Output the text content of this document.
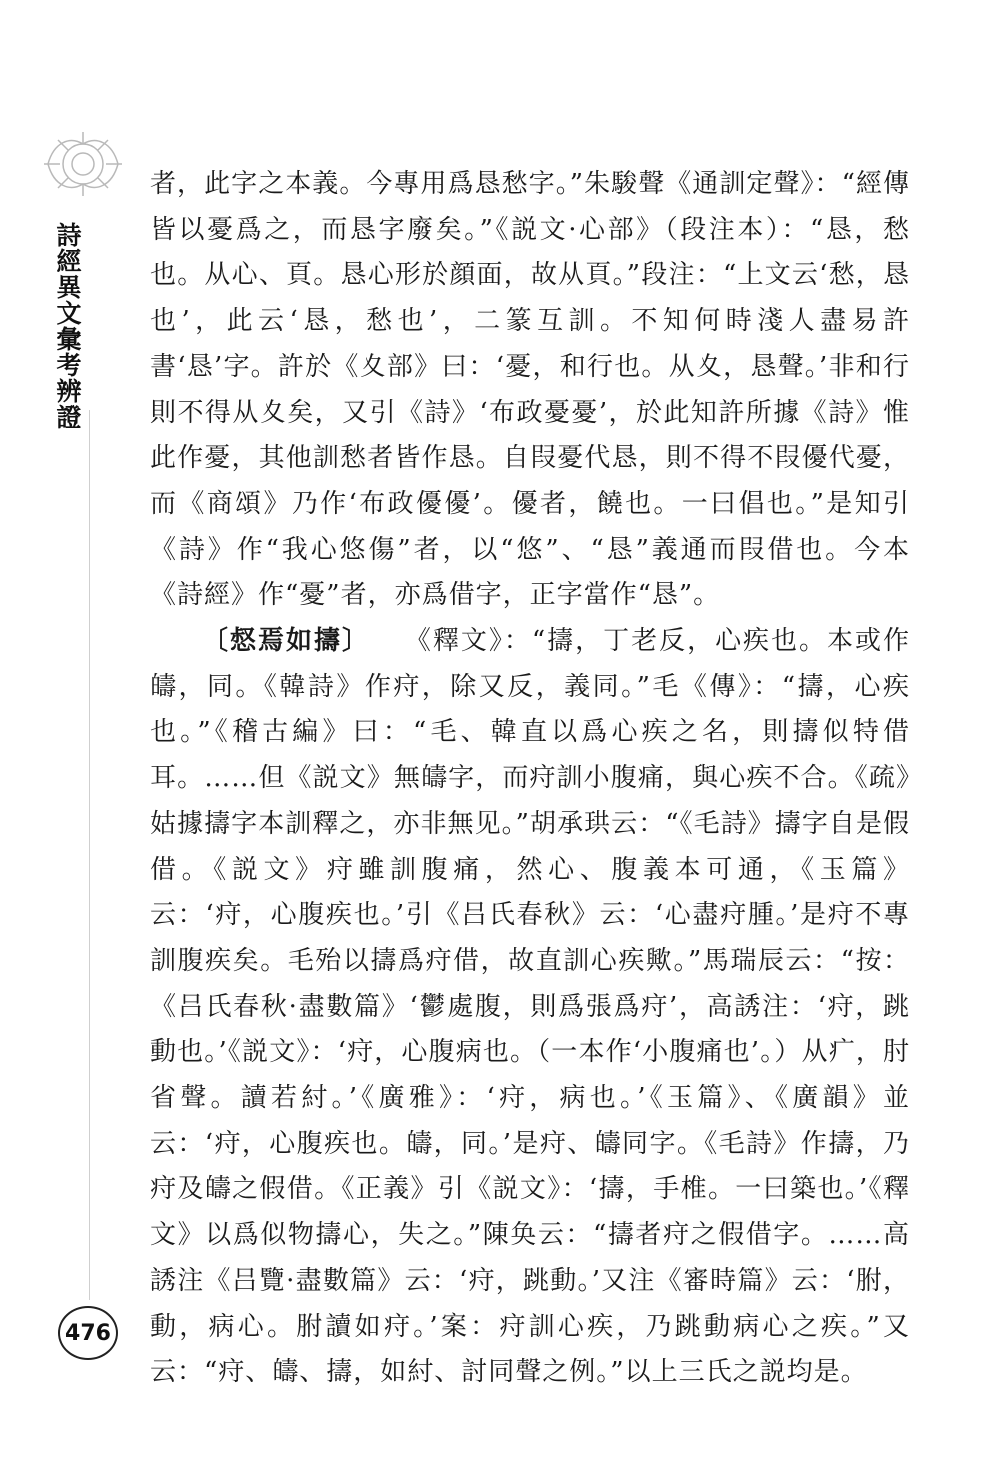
詩經異文彙考辨證
476

者，此字之本義。今專用爲恳愁字。”朱駿聲《通訓定聲》：“經傳皆以憂爲之，而恳字廢矣。”《説文·心部》（段注本）：“恳，愁也。从心、頁。恳心形於顔面，故从頁。”段注：“上文云‘愁，恳也’，此云‘恳，愁也’，二篆互訓。不知何時淺人盡易許書‘恳’字。許於《夊部》曰：‘憂，和行也。从夊，恳聲。’非和行則不得从夊矣，又引《詩》‘布政憂憂’，於此知許所據《詩》惟此作憂，其他訓愁者皆作恳。自叚憂代恳，則不得不叚優代憂，而《商頌》乃作‘布政優優’。優者，饒也。一曰倡也。”是知引《詩》作“我心悠傷”者，以“悠”、“恳”義通而叚借也。今本《詩經》作“憂”者，亦爲借字，正字當作“恳”。

〔惄焉如擣〕 《釋文》：“擣，丁老反，心疾也。本或作㿧，同。《韓詩》作疛，除又反，義同。”毛《傳》：“擣，心疾也。”《稽古編》曰：“毛、韓直以爲心疾之名，則擣似特借耳。……但《説文》無㿧字，而疛訓小腹痛，與心疾不合。《疏》姑據擣字本訓釋之，亦非無见。”胡承珙云：“《毛詩》擣字自是假借。《説文》疛雖訓腹痛，然心、腹義本可通，《玉篇》云：‘疛，心腹疾也。’引《吕氏春秋》云：‘心盡疛腫。’是疛不專訓腹疾矣。毛殆以擣爲疛借，故直訓心疾歟。”馬瑞辰云：“按：《吕氏春秋·盡數篇》‘鬱處腹，則爲張爲疛’，高誘注：‘疛，跳動也。’《説文》：‘疛，心腹病也。（一本作‘小腹痛也’。）从疒，肘省聲。讀若紂。’《廣雅》：‘疛，病也。’《玉篇》、《廣韻》並云：‘疛，心腹疾也。㿧，同。’是疛、㿧同字。《毛詩》作擣，乃疛及㿧之假借。《正義》引《説文》：‘擣，手椎。一曰築也。’《釋文》以爲似物擣心，失之。”陳奂云：“擣者疛之假借字。……高誘注《吕覽·盡數篇》云：‘疛，跳動。’又注《審時篇》云：‘胕，動，病心。胕讀如疛。’案：疛訓心疾，乃跳動病心之疾。”又云：“疛、㿧、擣，如紂、討同聲之例。”以上三氏之説均是。
